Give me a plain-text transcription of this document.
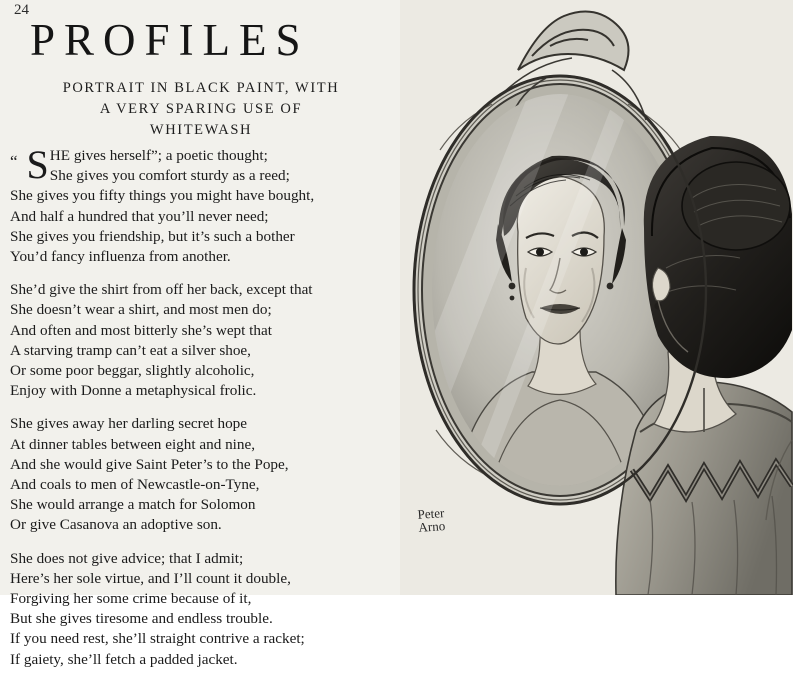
24
PROFILES
PORTRAIT IN BLACK PAINT, WITH
A VERY SPARING USE OF
WHITEWASH
“ S HE gives herself”; a poetic thought;
She gives you comfort sturdy as a reed;
She gives you fifty things you might have bought,
And half a hundred that you’ll never need;
She gives you friendship, but it’s such a bother
You’d fancy influenza from another.
She’d give the shirt from off her back, except that
She doesn’t wear a shirt, and most men do;
And often and most bitterly she’s wept that
A starving tramp can’t eat a silver shoe,
Or some poor beggar, slightly alcoholic,
Enjoy with Donne a metaphysical frolic.
She gives away her darling secret hope
At dinner tables between eight and nine,
And she would give Saint Peter’s to the Pope,
And coals to men of Newcastle-on-Tyne,
She would arrange a match for Solomon
Or give Casanova an adoptive son.
She does not give advice; that I admit;
Here’s her sole virtue, and I’ll count it double,
Forgiving her some crime because of it,
But she gives tiresome and endless trouble.
If you need rest, she’ll straight contrive a racket;
If gaiety, she’ll fetch a padded jacket.
Peter
Arno
